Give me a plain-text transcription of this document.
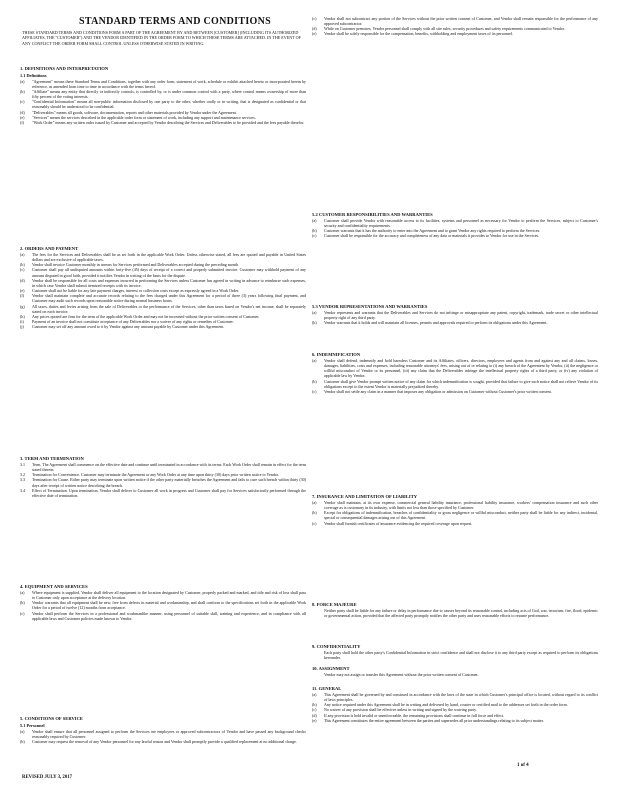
STANDARD TERMS AND CONDITIONS
THESE STANDARD TERMS AND CONDITIONS FORM A PART OF THE AGREEMENT BY AND BETWEEN [CUSTOMER] (INCLUDING ITS AUTHORIZED AFFILIATES, THE "CUSTOMER") AND THE VENDOR IDENTIFIED IN THE ORDER FORM TO WHICH THESE TERMS ARE ATTACHED. IN THE EVENT OF ANY CONFLICT THE ORDER FORM SHALL CONTROL UNLESS OTHERWISE STATED IN WRITING.
1. DEFINITIONS AND INTERPRETATION
1.1 Definitions
(a)	"Agreement" means these Standard Terms and Conditions, together with any order form, statement of work, schedule or exhibit attached hereto or incorporated herein by reference, as amended from time to time in accordance with the terms hereof.
(b)	"Affiliate" means any entity that directly or indirectly controls, is controlled by, or is under common control with a party, where control means ownership of more than fifty percent of the voting interests.
(c)	"Confidential Information" means all non-public information disclosed by one party to the other, whether orally or in writing, that is designated as confidential or that reasonably should be understood to be confidential.
(d)	"Deliverables" means all goods, software, documentation, reports and other materials provided by Vendor under the Agreement.
(e)	"Services" means the services described in the applicable order form or statement of work, including any support and maintenance services.
(f)	"Work Order" means any written order issued by Customer and accepted by Vendor describing the Services and Deliverables to be provided and the fees payable therefor.
2. ORDERS AND PAYMENT
(a)	The fees for the Services and Deliverables shall be as set forth in the applicable Work Order. Unless otherwise stated, all fees are quoted and payable in United States dollars and are exclusive of applicable taxes.
(b)	Vendor shall invoice Customer monthly in arrears for Services performed and Deliverables accepted during the preceding month.
(c)	Customer shall pay all undisputed amounts within forty-five (45) days of receipt of a correct and properly submitted invoice. Customer may withhold payment of any amount disputed in good faith, provided it notifies Vendor in writing of the basis for the dispute.
(d)	Vendor shall be responsible for all costs and expenses incurred in performing the Services unless Customer has agreed in writing in advance to reimburse such expenses, in which case Vendor shall submit itemized receipts with its invoice.
(e)	Customer shall not be liable for any late payment charges, interest or collection costs except as expressly agreed in a Work Order.
(f)	Vendor shall maintain complete and accurate records relating to the fees charged under this Agreement for a period of three (3) years following final payment, and Customer may audit such records upon reasonable notice during normal business hours.
(g)	All taxes, duties and levies arising from the sale of Deliverables or the performance of the Services, other than taxes based on Vendor's net income, shall be separately stated on each invoice.
(h)	Any prices quoted are firm for the term of the applicable Work Order and may not be increased without the prior written consent of Customer.
(i)	Payment of an invoice shall not constitute acceptance of any Deliverables nor a waiver of any rights or remedies of Customer.
(j)	Customer may set off any amount owed to it by Vendor against any amount payable by Customer under this Agreement.
3. TERM AND TERMINATION
3.1	Term. The Agreement shall commence on the effective date and continue until terminated in accordance with its terms. Each Work Order shall remain in effect for the term stated therein.
3.2	Termination for Convenience. Customer may terminate the Agreement or any Work Order at any time upon thirty (30) days prior written notice to Vendor.
3.3	Termination for Cause. Either party may terminate upon written notice if the other party materially breaches the Agreement and fails to cure such breach within thirty (30) days after receipt of written notice describing the breach.
3.4	Effect of Termination. Upon termination, Vendor shall deliver to Customer all work in progress and Customer shall pay for Services satisfactorily performed through the effective date of termination.
4. EQUIPMENT AND SERVICES
(a)	Where equipment is supplied, Vendor shall deliver all equipment to the location designated by Customer, properly packed and marked, and title and risk of loss shall pass to Customer only upon acceptance at the delivery location.
(b)	Vendor warrants that all equipment shall be new, free from defects in material and workmanship, and shall conform to the specifications set forth in the applicable Work Order for a period of twelve (12) months from acceptance.
(c)	Vendor shall perform the Services in a professional and workmanlike manner, using personnel of suitable skill, training and experience, and in compliance with all applicable laws and Customer policies made known to Vendor.
5. CONDITIONS OF SERVICE
5.1 Personnel
(a)	Vendor shall ensure that all personnel assigned to perform the Services are employees or approved subcontractors of Vendor and have passed any background checks reasonably required by Customer.
(b)	Customer may request the removal of any Vendor personnel for any lawful reason and Vendor shall promptly provide a qualified replacement at no additional charge.
(c)	Vendor shall not subcontract any portion of the Services without the prior written consent of Customer, and Vendor shall remain responsible for the performance of any approved subcontractor.
(d)	While on Customer premises, Vendor personnel shall comply with all site rules, security procedures and safety requirements communicated to Vendor.
(e)	Vendor shall be solely responsible for the compensation, benefits, withholding and employment taxes of its personnel.
5.2 CUSTOMER RESPONSIBILITIES AND WARRANTIES
(a)	Customer shall provide Vendor with reasonable access to its facilities, systems and personnel as necessary for Vendor to perform the Services, subject to Customer's security and confidentiality requirements.
(b)	Customer warrants that it has the authority to enter into the Agreement and to grant Vendor any rights required to perform the Services.
(c)	Customer shall be responsible for the accuracy and completeness of any data or materials it provides to Vendor for use in the Services.
5.3 VENDOR REPRESENTATIONS AND WARRANTIES
(a)	Vendor represents and warrants that the Deliverables and Services do not infringe or misappropriate any patent, copyright, trademark, trade secret or other intellectual property right of any third party.
(b)	Vendor warrants that it holds and will maintain all licenses, permits and approvals required to perform its obligations under this Agreement.
6. INDEMNIFICATION
(a)	Vendor shall defend, indemnify and hold harmless Customer and its Affiliates, officers, directors, employees and agents from and against any and all claims, losses, damages, liabilities, costs and expenses, including reasonable attorneys' fees, arising out of or relating to (i) any breach of the Agreement by Vendor, (ii) the negligence or willful misconduct of Vendor or its personnel, (iii) any claim that the Deliverables infringe the intellectual property rights of a third party, or (iv) any violation of applicable law by Vendor.
(b)	Customer shall give Vendor prompt written notice of any claim for which indemnification is sought, provided that failure to give such notice shall not relieve Vendor of its obligations except to the extent Vendor is materially prejudiced thereby.
(c)	Vendor shall not settle any claim in a manner that imposes any obligation or admission on Customer without Customer's prior written consent.
7. INSURANCE AND LIMITATION OF LIABILITY
(a)	Vendor shall maintain, at its own expense, commercial general liability insurance, professional liability insurance, workers' compensation insurance and such other coverage as is customary in its industry, with limits not less than those specified by Customer.
(b)	Except for obligations of indemnification, breaches of confidentiality or gross negligence or willful misconduct, neither party shall be liable for any indirect, incidental, special or consequential damages arising out of this Agreement.
(c)	Vendor shall furnish certificates of insurance evidencing the required coverage upon request.
8. FORCE MAJEURE
Neither party shall be liable for any failure or delay in performance due to causes beyond its reasonable control, including acts of God, war, terrorism, fire, flood, epidemic or governmental action, provided that the affected party promptly notifies the other party and uses reasonable efforts to resume performance.
9. CONFIDENTIALITY
Each party shall hold the other party's Confidential Information in strict confidence and shall not disclose it to any third party except as required to perform its obligations hereunder.
10. ASSIGNMENT
Vendor may not assign or transfer this Agreement without the prior written consent of Customer.
11. GENERAL
(a)	This Agreement shall be governed by and construed in accordance with the laws of the state in which Customer's principal office is located, without regard to its conflict of laws principles.
(b)	Any notice required under this Agreement shall be in writing and delivered by hand, courier or certified mail to the addresses set forth in the order form.
(c)	No waiver of any provision shall be effective unless in writing and signed by the waiving party.
(d)	If any provision is held invalid or unenforceable, the remaining provisions shall continue in full force and effect.
(e)	This Agreement constitutes the entire agreement between the parties and supersedes all prior understandings relating to its subject matter.
REVISED JULY 3, 2017
1 of 4
